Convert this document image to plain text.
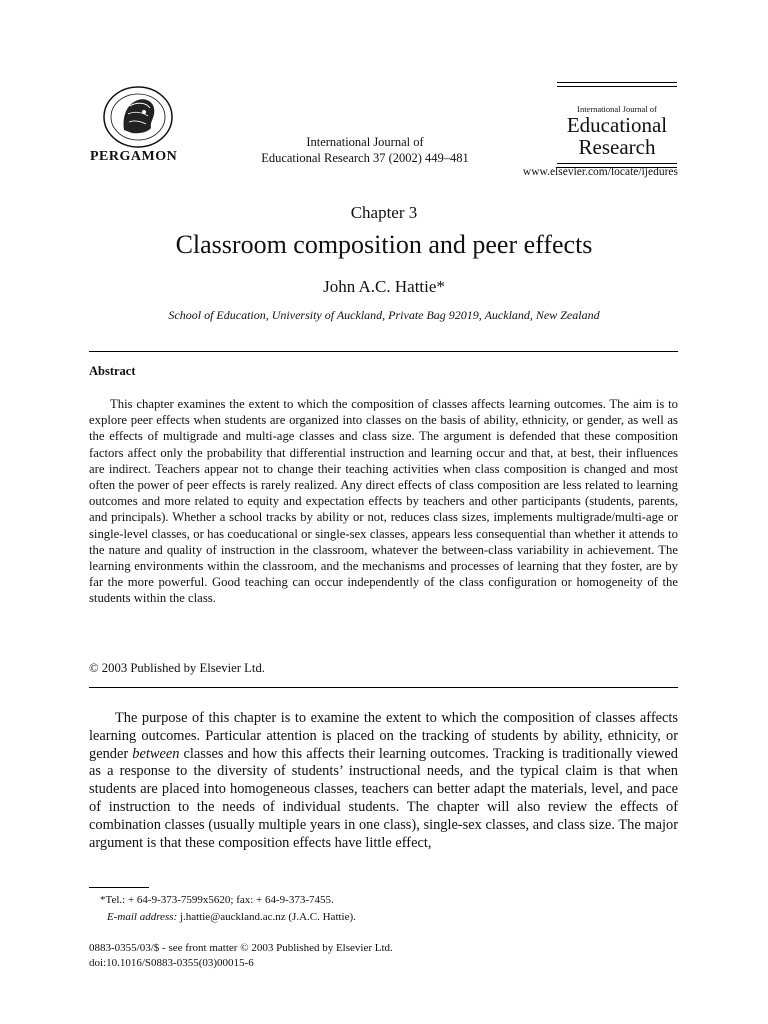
PERGAMON
International Journal of
Educational Research 37 (2002) 449–481
International Journal of
Educational
Research
www.elsevier.com/locate/ijedures
Chapter 3
Classroom composition and peer effects
John A.C. Hattie*
School of Education, University of Auckland, Private Bag 92019, Auckland, New Zealand
Abstract
This chapter examines the extent to which the composition of classes affects learning outcomes. The aim is to explore peer effects when students are organized into classes on the basis of ability, ethnicity, or gender, as well as the effects of multigrade and multi-age classes and class size. The argument is defended that these composition factors affect only the probability that differential instruction and learning occur and that, at best, their influences are indirect. Teachers appear not to change their teaching activities when class composition is changed and most often the power of peer effects is rarely realized. Any direct effects of class composition are less related to learning outcomes and more related to equity and expectation effects by teachers and other participants (students, parents, and principals). Whether a school tracks by ability or not, reduces class sizes, implements multigrade/multi-age or single-level classes, or has coeducational or single-sex classes, appears less consequential than whether it attends to the nature and quality of instruction in the classroom, whatever the between-class variability in achievement. The learning environments within the classroom, and the mechanisms and processes of learning that they foster, are by far the more powerful. Good teaching can occur independently of the class configuration or homogeneity of the students within the class.
© 2003 Published by Elsevier Ltd.
The purpose of this chapter is to examine the extent to which the composition of classes affects learning outcomes. Particular attention is placed on the tracking of students by ability, ethnicity, or gender between classes and how this affects their learning outcomes. Tracking is traditionally viewed as a response to the diversity of students’ instructional needs, and the typical claim is that when students are placed into homogeneous classes, teachers can better adapt the materials, level, and pace of instruction to the needs of individual students. The chapter will also review the effects of combination classes (usually multiple years in one class), single-sex classes, and class size. The major argument is that these composition effects have little effect,
*Tel.: + 64-9-373-7599x5620; fax: + 64-9-373-7455.
E-mail address: j.hattie@auckland.ac.nz (J.A.C. Hattie).
0883-0355/03/$ - see front matter © 2003 Published by Elsevier Ltd.
doi:10.1016/S0883-0355(03)00015-6
